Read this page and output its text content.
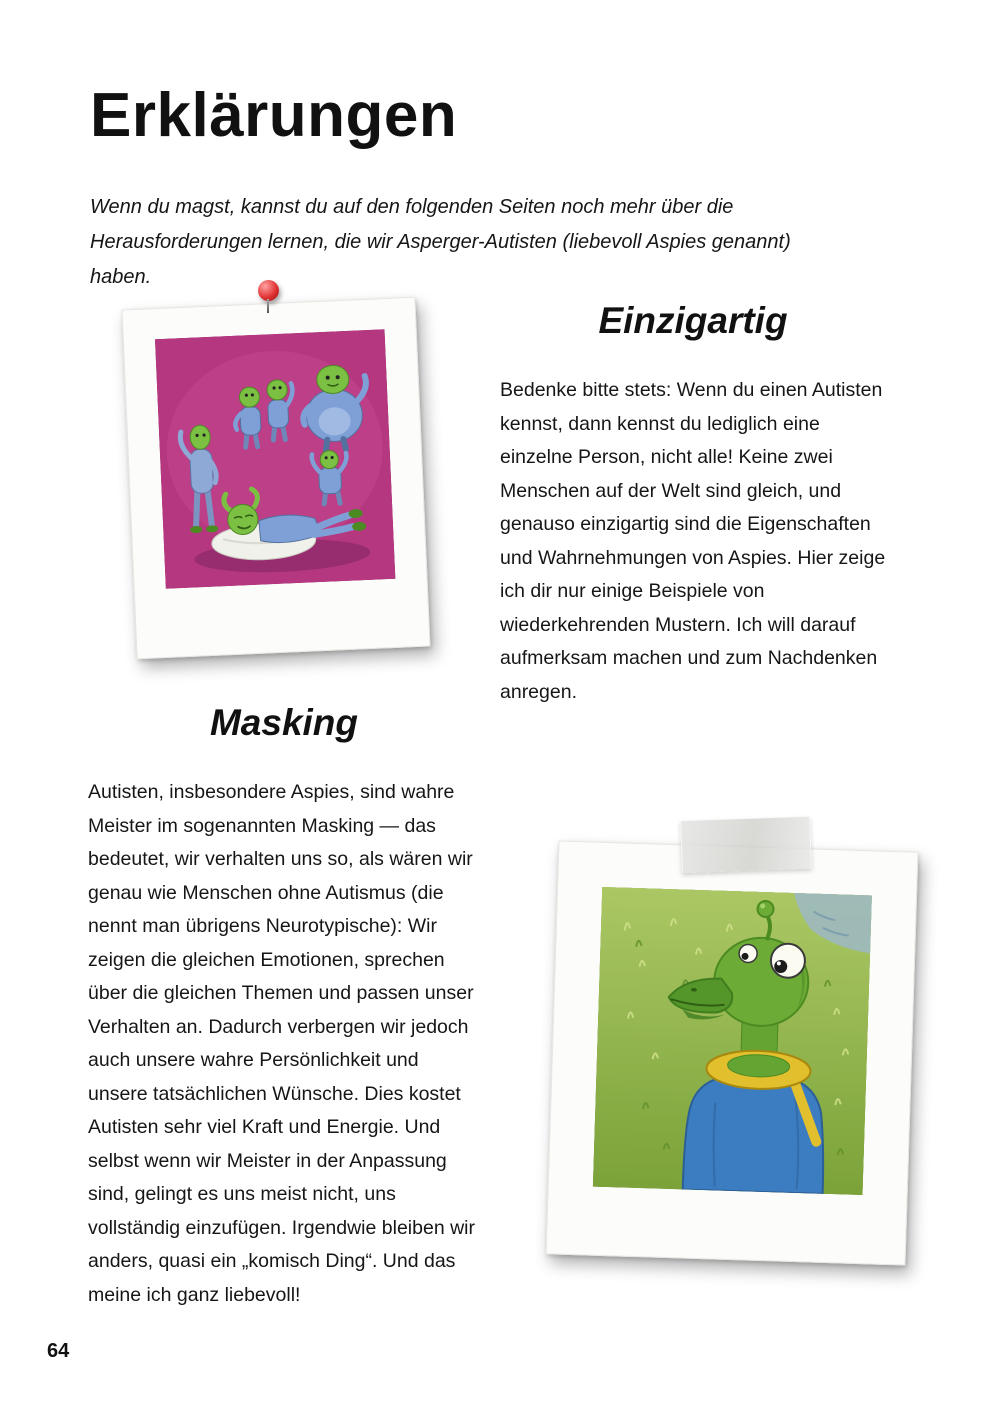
Erklärungen

Wenn du magst, kannst du auf den folgenden Seiten noch mehr über die Herausforderungen lernen, die wir Asperger-Autisten (liebevoll Aspies genannt) haben.

Einzigartig

Bedenke bitte stets: Wenn du einen Autisten kennst, dann kennst du lediglich eine einzelne Person, nicht alle! Keine zwei Menschen auf der Welt sind gleich, und genauso einzigartig sind die Eigenschaften und Wahrnehmungen von Aspies. Hier zeige ich dir nur einige Beispiele von wiederkehrenden Mustern. Ich will darauf aufmerksam machen und zum Nachdenken anregen.

Masking

Autisten, insbesondere Aspies, sind wahre Meister im sogenannten Masking — das bedeutet, wir verhalten uns so, als wären wir genau wie Menschen ohne Autismus (die nennt man übrigens Neurotypische): Wir zeigen die gleichen Emotionen, sprechen über die gleichen Themen und passen unser Verhalten an. Dadurch verbergen wir jedoch auch unsere wahre Persönlichkeit und unsere tatsächlichen Wünsche. Dies kostet Autisten sehr viel Kraft und Energie. Und selbst wenn wir Meister in der Anpassung sind, gelingt es uns meist nicht, uns vollständig einzufügen. Irgendwie bleiben wir anders, quasi ein „komisch Ding“. Und das meine ich ganz liebevoll!

64
